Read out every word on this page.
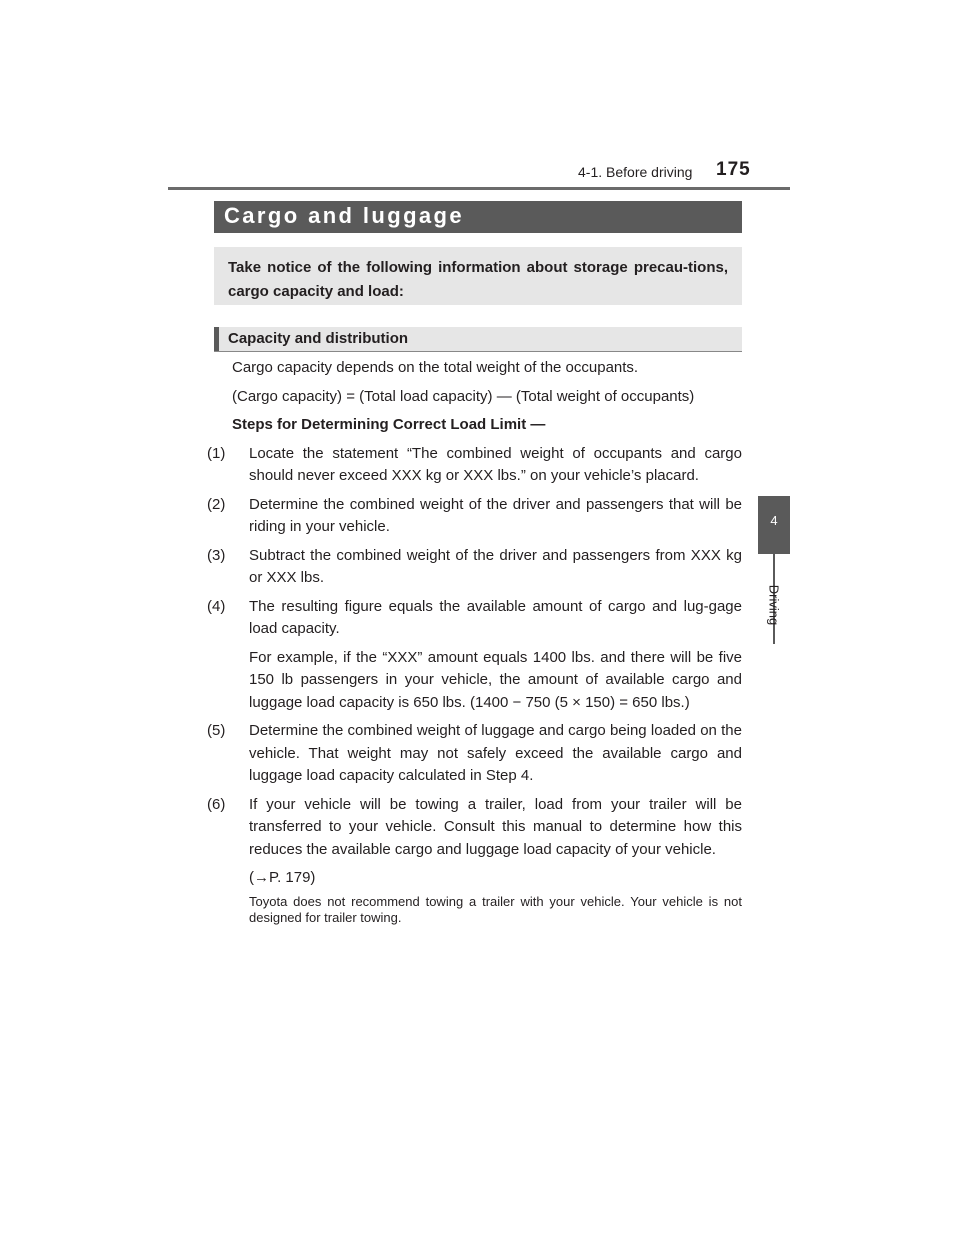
4-1. Before driving 175
4
Driving
Cargo and luggage
Take notice of the following information about storage precau-tions, cargo capacity and load:
Capacity and distribution

Cargo capacity depends on the total weight of the occupants.

(Cargo capacity) = (Total load capacity) — (Total weight of occupants)

Steps for Determining Correct Load Limit —

(1) Locate the statement “The combined weight of occupants and cargo should never exceed XXX kg or XXX lbs.” on your vehicle’s placard.
(2) Determine the combined weight of the driver and passengers that will be riding in your vehicle.
(3) Subtract the combined weight of the driver and passengers from XXX kg or XXX lbs.
(4) The resulting figure equals the available amount of cargo and lug-gage load capacity.

For example, if the “XXX” amount equals 1400 lbs. and there will be five 150 lb passengers in your vehicle, the amount of available cargo and luggage load capacity is 650 lbs. (1400 − 750 (5 × 150) = 650 lbs.)

(5) Determine the combined weight of luggage and cargo being loaded on the vehicle. That weight may not safely exceed the available cargo and luggage load capacity calculated in Step 4.
(6) If your vehicle will be towing a trailer, load from your trailer will be transferred to your vehicle. Consult this manual to determine how this reduces the available cargo and luggage load capacity of your vehicle.

(→P. 179)

Toyota does not recommend towing a trailer with your vehicle. Your vehicle is not designed for trailer towing.
